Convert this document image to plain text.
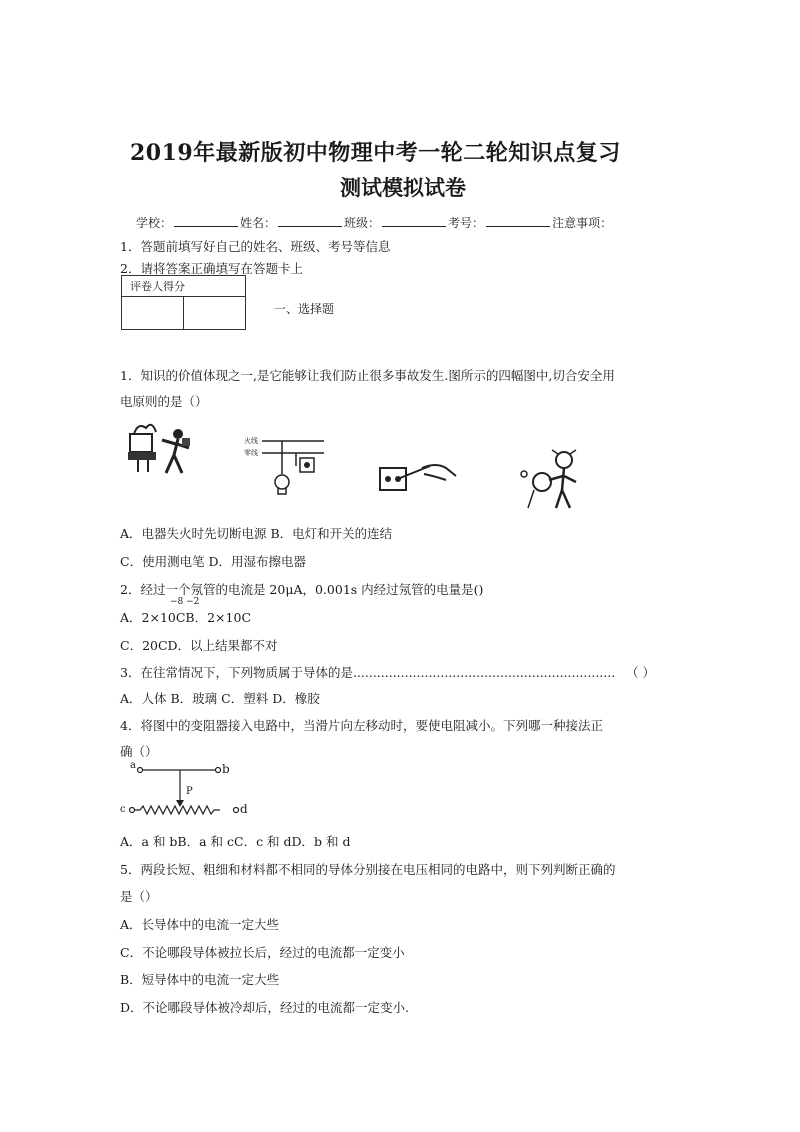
2019年最新版初中物理中考一轮二轮知识点复习
测试模拟试卷
学校：	姓名：	班级：	考号：	注意事项：
1．答题前填写好自己的姓名、班级、考号等信息
2．请将答案正确填写在答题卡上
评卷人得分

一、选择题
1．知识的价值体现之一,是它能够让我们防止很多事故发生.图所示的四幅图中,切合安全用
电原则的是（）
火线
零线
A．电器失火时先切断电源 B．电灯和开关的连结
C．使用测电笔 D．用湿布擦电器
2．经过一个氖管的电流是 20μA，0.001s 内经过氖管的电量是()
−8 −2
A．2×10CB．2×10C
C．20CD．以上结果都不对
3．在往常情况下，下列物质属于导体的是.................................................................. （ ）
A．人体 B．玻璃 C．塑料 D．橡胶
4．将图中的变阻器接入电路中，当滑片向左移动时，要使电阻减小。下列哪一种接法正
确（）
a	b
c	d
P
A．a 和 bB．a 和 cC．c 和 dD．b 和 d
5．两段长短、粗细和材料都不相同的导体分别接在电压相同的电路中，则下列判断正确的
是（）
A．长导体中的电流一定大些
C．不论哪段导体被拉长后，经过的电流都一定变小
B．短导体中的电流一定大些
D．不论哪段导体被冷却后，经过的电流都一定变小.
